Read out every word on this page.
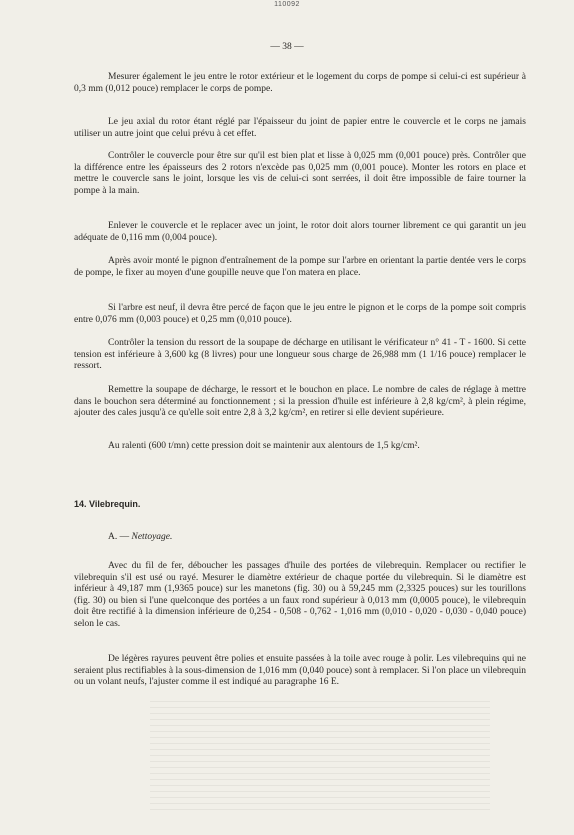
110092
— 38 —

Mesurer également le jeu entre le rotor extérieur et le logement du corps de pompe si celui-ci est supérieur à 0,3 mm (0,012 pouce) remplacer le corps de pompe.

Le jeu axial du rotor étant réglé par l'épaisseur du joint de papier entre le couvercle et le corps ne jamais utiliser un autre joint que celui prévu à cet effet.

Contrôler le couvercle pour être sur qu'il est bien plat et lisse à 0,025 mm (0,001 pouce) près. Contrôler que la différence entre les épaisseurs des 2 rotors n'excède pas 0,025 mm (0,001 pouce). Monter les rotors en place et mettre le couvercle sans le joint, lorsque les vis de celui-ci sont serrées, il doit être impossible de faire tourner la pompe à la main.

Enlever le couvercle et le replacer avec un joint, le rotor doit alors tourner librement ce qui garantit un jeu adéquate de 0,116 mm (0,004 pouce).

Après avoir monté le pignon d'entraînement de la pompe sur l'arbre en orientant la partie dentée vers le corps de pompe, le fixer au moyen d'une goupille neuve que l'on matera en place.

Si l'arbre est neuf, il devra être percé de façon que le jeu entre le pignon et le corps de la pompe soit compris entre 0,076 mm (0,003 pouce) et 0,25 mm (0,010 pouce).

Contrôler la tension du ressort de la soupape de décharge en utilisant le vérificateur n° 41 - T - 1600. Si cette tension est inférieure à 3,600 kg (8 livres) pour une longueur sous charge de 26,988 mm (1 1/16 pouce) remplacer le ressort.

Remettre la soupape de décharge, le ressort et le bouchon en place. Le nombre de cales de réglage à mettre dans le bouchon sera déterminé au fonctionnement ; si la pression d'huile est inférieure à 2,8 kg/cm², à plein régime, ajouter des cales jusqu'à ce qu'elle soit entre 2,8 à 3,2 kg/cm², en retirer si elle devient supérieure.

Au ralenti (600 t/mn) cette pression doit se maintenir aux alentours de 1,5 kg/cm².

14. Vilebrequin.

A. — Nettoyage.

Avec du fil de fer, déboucher les passages d'huile des portées de vilebrequin. Remplacer ou rectifier le vilebrequin s'il est usé ou rayé. Mesurer le diamètre extérieur de chaque portée du vilebrequin. Si le diamètre est inférieur à 49,187 mm (1,9365 pouce) sur les manetons (fig. 30) ou à 59,245 mm (2,3325 pouces) sur les tourillons (fig. 30) ou bien si l'une quelconque des portées a un faux rond supérieur à 0,013 mm (0,0005 pouce), le vilebrequin doit être rectifié à la dimension inférieure de 0,254 - 0,508 - 0,762 - 1,016 mm (0,010 - 0,020 - 0,030 - 0,040 pouce) selon le cas.

De légères rayures peuvent être polies et ensuite passées à la toile avec rouge à polir. Les vilebrequins qui ne seraient plus rectifiables à la sous-dimension de 1,016 mm (0,040 pouce) sont à remplacer. Si l'on place un vilebrequin ou un volant neufs, l'ajuster comme il est indiqué au paragraphe 16 E.
